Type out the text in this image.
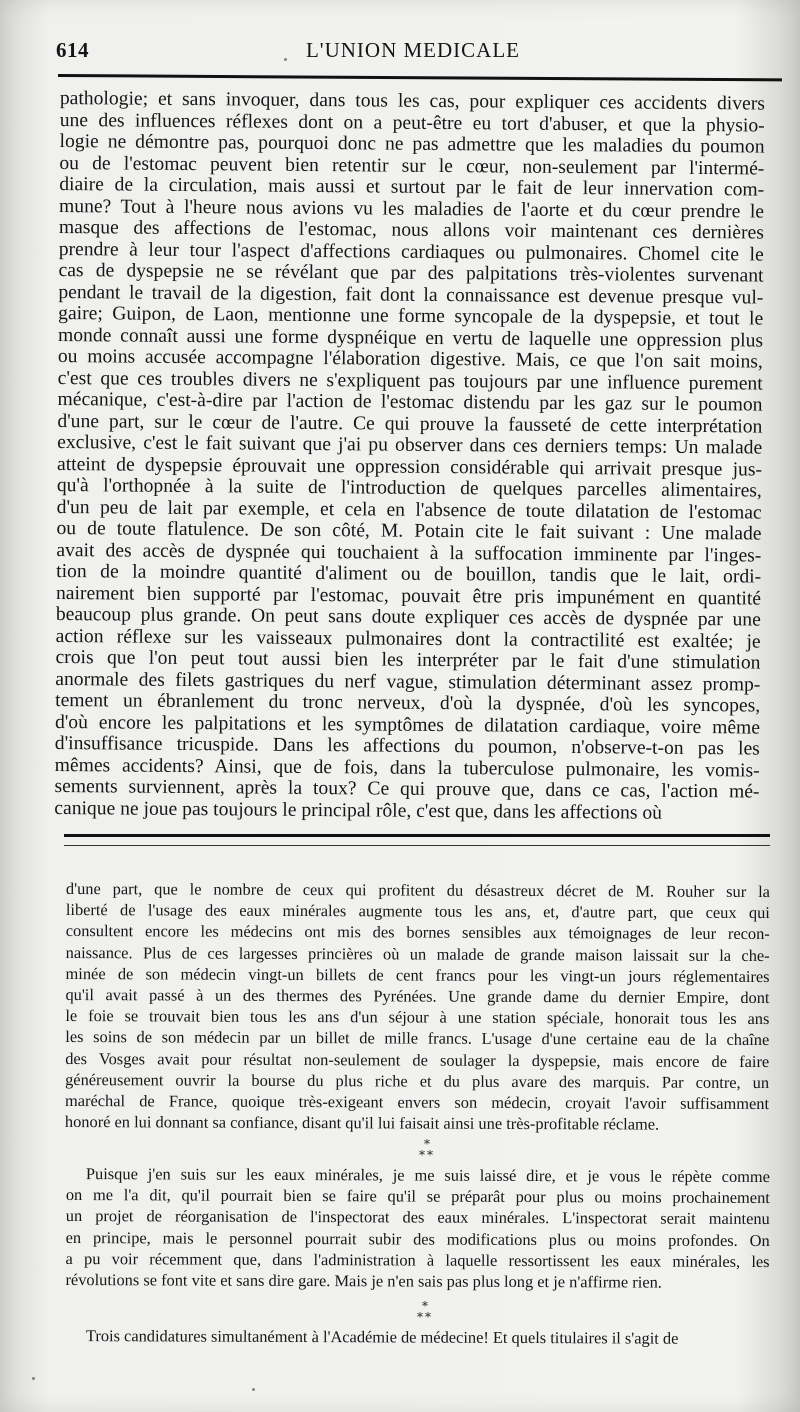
614	L'UNION MEDICALE
pathologie; et sans invoquer, dans tous les cas, pour expliquer ces accidents divers
une des influences réflexes dont on a peut-être eu tort d'abuser, et que la physio-
logie ne démontre pas, pourquoi donc ne pas admettre que les maladies du poumon
ou de l'estomac peuvent bien retentir sur le cœur, non-seulement par l'intermé-
diaire de la circulation, mais aussi et surtout par le fait de leur innervation com-
mune? Tout à l'heure nous avions vu les maladies de l'aorte et du cœur prendre le
masque des affections de l'estomac, nous allons voir maintenant ces dernières
prendre à leur tour l'aspect d'affections cardiaques ou pulmonaires. Chomel cite le
cas de dyspepsie ne se révélant que par des palpitations très-violentes survenant
pendant le travail de la digestion, fait dont la connaissance est devenue presque vul-
gaire; Guipon, de Laon, mentionne une forme syncopale de la dyspepsie, et tout le
monde connaît aussi une forme dyspnéique en vertu de laquelle une oppression plus
ou moins accusée accompagne l'élaboration digestive. Mais, ce que l'on sait moins,
c'est que ces troubles divers ne s'expliquent pas toujours par une influence purement
mécanique, c'est-à-dire par l'action de l'estomac distendu par les gaz sur le poumon
d'une part, sur le cœur de l'autre. Ce qui prouve la fausseté de cette interprétation
exclusive, c'est le fait suivant que j'ai pu observer dans ces derniers temps: Un malade
atteint de dyspepsie éprouvait une oppression considérable qui arrivait presque jus-
qu'à l'orthopnée à la suite de l'introduction de quelques parcelles alimentaires,
d'un peu de lait par exemple, et cela en l'absence de toute dilatation de l'estomac
ou de toute flatulence. De son côté, M. Potain cite le fait suivant : Une malade
avait des accès de dyspnée qui touchaient à la suffocation imminente par l'inges-
tion de la moindre quantité d'aliment ou de bouillon, tandis que le lait, ordi-
nairement bien supporté par l'estomac, pouvait être pris impunément en quantité
beaucoup plus grande. On peut sans doute expliquer ces accès de dyspnée par une
action réflexe sur les vaisseaux pulmonaires dont la contractilité est exaltée; je
crois que l'on peut tout aussi bien les interpréter par le fait d'une stimulation
anormale des filets gastriques du nerf vague, stimulation déterminant assez promp-
tement un ébranlement du tronc nerveux, d'où la dyspnée, d'où les syncopes,
d'où encore les palpitations et les symptômes de dilatation cardiaque, voire même
d'insuffisance tricuspide. Dans les affections du poumon, n'observe-t-on pas les
mêmes accidents? Ainsi, que de fois, dans la tuberculose pulmonaire, les vomis-
sements surviennent, après la toux? Ce qui prouve que, dans ce cas, l'action mé-
canique ne joue pas toujours le principal rôle, c'est que, dans les affections où
d'une part, que le nombre de ceux qui profitent du désastreux décret de M. Rouher sur la
liberté de l'usage des eaux minérales augmente tous les ans, et, d'autre part, que ceux qui
consultent encore les médecins ont mis des bornes sensibles aux témoignages de leur recon-
naissance. Plus de ces largesses princières où un malade de grande maison laissait sur la che-
minée de son médecin vingt-un billets de cent francs pour les vingt-un jours réglementaires
qu'il avait passé à un des thermes des Pyrénées. Une grande dame du dernier Empire, dont
le foie se trouvait bien tous les ans d'un séjour à une station spéciale, honorait tous les ans
les soins de son médecin par un billet de mille francs. L'usage d'une certaine eau de la chaîne
des Vosges avait pour résultat non-seulement de soulager la dyspepsie, mais encore de faire
généreusement ouvrir la bourse du plus riche et du plus avare des marquis. Par contre, un
maréchal de France, quoique très-exigeant envers son médecin, croyait l'avoir suffisamment
honoré en lui donnant sa confiance, disant qu'il lui faisait ainsi une très-profitable réclame.
*
**
Puisque j'en suis sur les eaux minérales, je me suis laissé dire, et je vous le répète comme
on me l'a dit, qu'il pourrait bien se faire qu'il se préparât pour plus ou moins prochainement
un projet de réorganisation de l'inspectorat des eaux minérales. L'inspectorat serait maintenu
en principe, mais le personnel pourrait subir des modifications plus ou moins profondes. On
a pu voir récemment que, dans l'administration à laquelle ressortissent les eaux minérales, les
révolutions se font vite et sans dire gare. Mais je n'en sais pas plus long et je n'affirme rien.
*
**
Trois candidatures simultanément à l'Académie de médecine! Et quels titulaires il s'agit de
